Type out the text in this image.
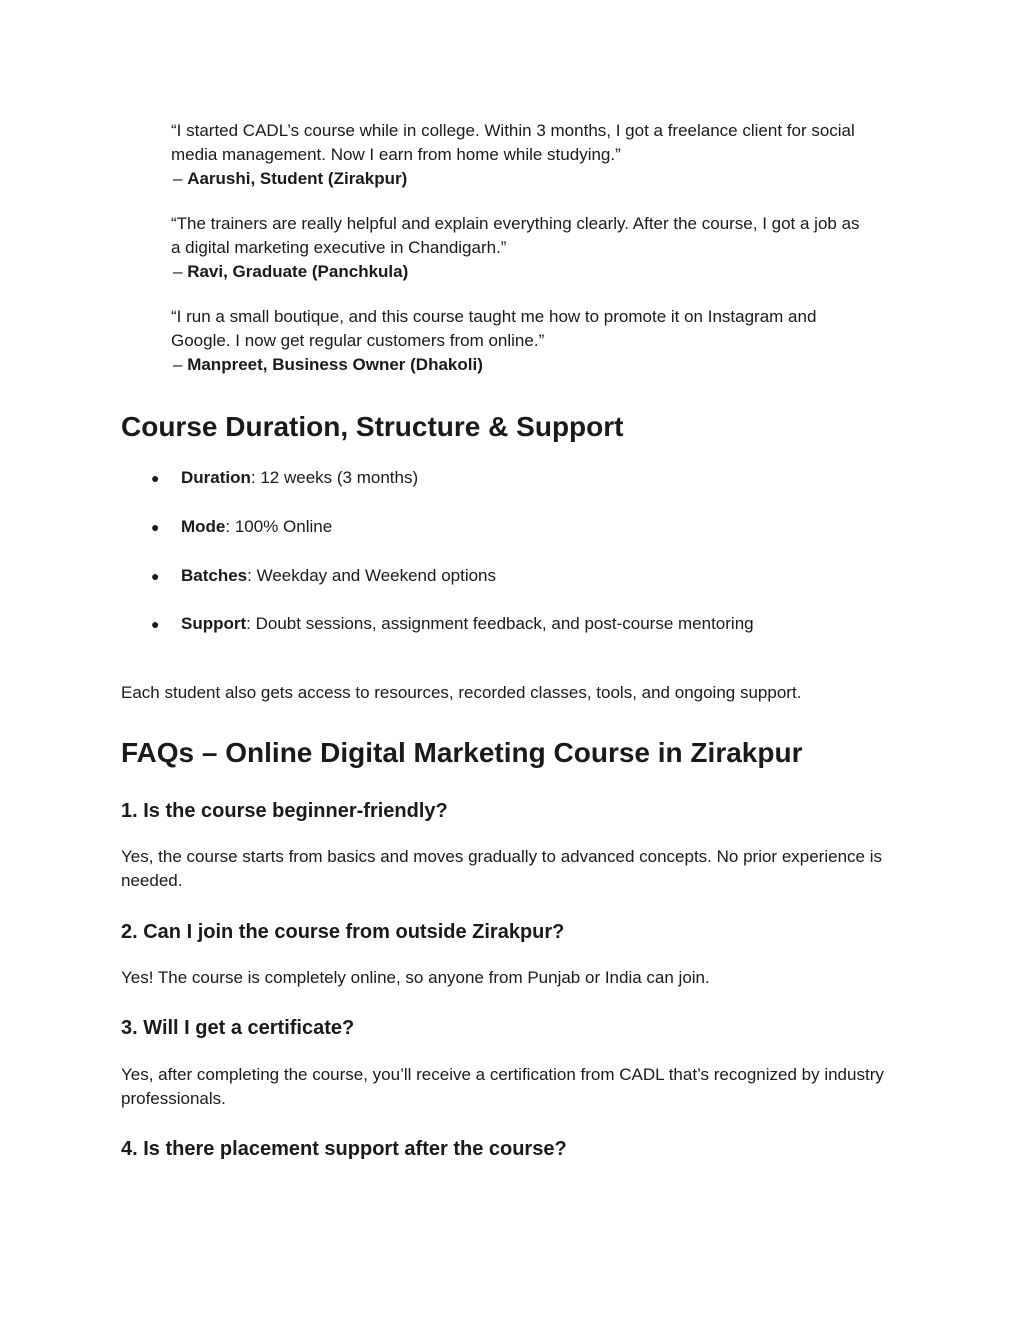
“I started CADL’s course while in college. Within 3 months, I got a freelance client for social media management. Now I earn from home while studying.”
– Aarushi, Student (Zirakpur)
“The trainers are really helpful and explain everything clearly. After the course, I got a job as a digital marketing executive in Chandigarh.”
– Ravi, Graduate (Panchkula)
“I run a small boutique, and this course taught me how to promote it on Instagram and Google. I now get regular customers from online.”
– Manpreet, Business Owner (Dhakoli)
Course Duration, Structure & Support
● Duration: 12 weeks (3 months)
● Mode: 100% Online
● Batches: Weekday and Weekend options
● Support: Doubt sessions, assignment feedback, and post-course mentoring
Each student also gets access to resources, recorded classes, tools, and ongoing support.
FAQs – Online Digital Marketing Course in Zirakpur
1. Is the course beginner-friendly?
Yes, the course starts from basics and moves gradually to advanced concepts. No prior experience is needed.
2. Can I join the course from outside Zirakpur?
Yes! The course is completely online, so anyone from Punjab or India can join.
3. Will I get a certificate?
Yes, after completing the course, you’ll receive a certification from CADL that’s recognized by industry professionals.
4. Is there placement support after the course?
